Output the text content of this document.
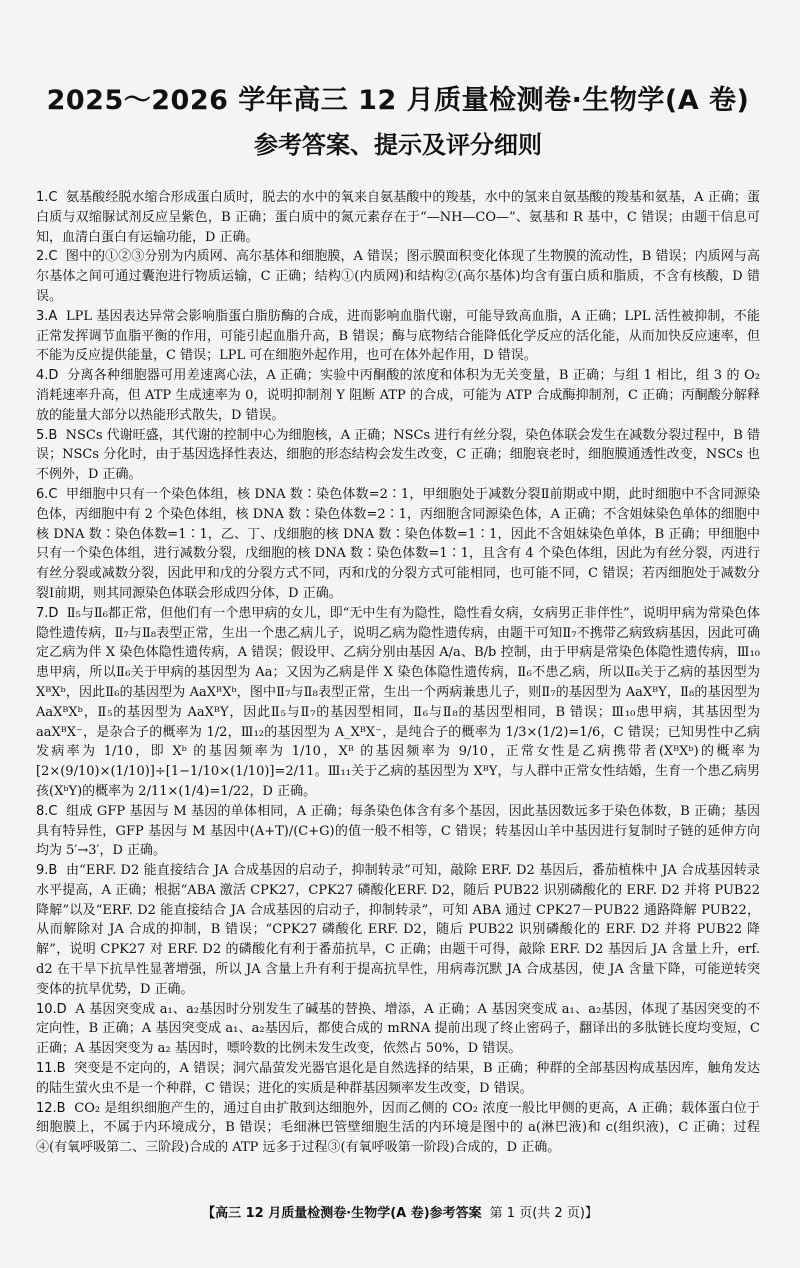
2025～2026 学年高三 12 月质量检测卷·生物学(A 卷)
参考答案、提示及评分细则

1.C 氨基酸经脱水缩合形成蛋白质时，脱去的水中的氧来自氨基酸中的羧基，水中的氢来自氨基酸的羧基和氨基，A 正确；蛋白质与双缩脲试剂反应呈紫色，B 正确；蛋白质中的氮元素存在于“—NH—CO—”、氨基和 R 基中，C 错误；由题干信息可知，血清白蛋白有运输功能，D 正确。

2.C 图中的①②③分别为内质网、高尔基体和细胞膜，A 错误；图示膜面积变化体现了生物膜的流动性，B 错误；内质网与高尔基体之间可通过囊泡进行物质运输，C 正确；结构①(内质网)和结构②(高尔基体)均含有蛋白质和脂质，不含有核酸，D 错误。

3.A LPL 基因表达异常会影响脂蛋白脂肪酶的合成，进而影响血脂代谢，可能导致高血脂，A 正确；LPL 活性被抑制，不能正常发挥调节血脂平衡的作用，可能引起血脂升高，B 错误；酶与底物结合能降低化学反应的活化能，从而加快反应速率，但不能为反应提供能量，C 错误；LPL 可在细胞外起作用，也可在体外起作用，D 错误。

4.D 分离各种细胞器可用差速离心法，A 正确；实验中丙酮酸的浓度和体积为无关变量，B 正确；与组 1 相比，组 3 的 O₂ 消耗速率升高，但 ATP 生成速率为 0，说明抑制剂 Y 阻断 ATP 的合成，可能为 ATP 合成酶抑制剂，C 正确；丙酮酸分解释放的能量大部分以热能形式散失，D 错误。

5.B NSCs 代谢旺盛，其代谢的控制中心为细胞核，A 正确；NSCs 进行有丝分裂，染色体联会发生在减数分裂过程中，B 错误；NSCs 分化时，由于基因选择性表达，细胞的形态结构会发生改变，C 正确；细胞衰老时，细胞膜通透性改变，NSCs 也不例外，D 正确。

6.C 甲细胞中只有一个染色体组，核 DNA 数∶染色体数=2∶1，甲细胞处于减数分裂Ⅱ前期或中期，此时细胞中不含同源染色体，丙细胞中有 2 个染色体组，核 DNA 数∶染色体数=2∶1，丙细胞含同源染色体，A 正确；不含姐妹染色单体的细胞中核 DNA 数∶染色体数=1∶1，乙、丁、戊细胞的核 DNA 数∶染色体数=1∶1，因此不含姐妹染色单体，B 正确；甲细胞中只有一个染色体组，进行减数分裂，戊细胞的核 DNA 数∶染色体数=1∶1，且含有 4 个染色体组，因此为有丝分裂，丙进行有丝分裂或减数分裂，因此甲和戊的分裂方式不同，丙和戊的分裂方式可能相同，也可能不同，C 错误；若丙细胞处于减数分裂Ⅰ前期，则其同源染色体联会形成四分体，D 正确。

7.D Ⅱ₅与Ⅱ₆都正常，但他们有一个患甲病的女儿，即“无中生有为隐性，隐性看女病，女病男正非伴性”，说明甲病为常染色体隐性遗传病，Ⅱ₇与Ⅱ₈表型正常，生出一个患乙病儿子，说明乙病为隐性遗传病，由题干可知Ⅱ₇不携带乙病致病基因，因此可确定乙病为伴 X 染色体隐性遗传病，A 错误；假设甲、乙病分别由基因 A/a、B/b 控制，由于甲病是常染色体隐性遗传病，Ⅲ₁₀患甲病，所以Ⅱ₆关于甲病的基因型为 Aa；又因为乙病是伴 X 染色体隐性遗传病，Ⅱ₆不患乙病，所以Ⅱ₆关于乙病的基因型为 XᴮXᵇ，因此Ⅱ₆的基因型为 AaXᴮXᵇ，图中Ⅱ₇与Ⅱ₈表型正常，生出一个两病兼患儿子，则Ⅱ₇的基因型为 AaXᴮY，Ⅱ₈的基因型为 AaXᴮXᵇ，Ⅱ₅的基因型为 AaXᴮY，因此Ⅱ₅与Ⅱ₇的基因型相同，Ⅱ₆与Ⅱ₈的基因型相同，B 错误；Ⅲ₁₀患甲病，其基因型为 aaXᴮX⁻，是杂合子的概率为 1/2，Ⅲ₁₂的基因型为 A_XᴮX⁻，是纯合子的概率为 1/3×(1/2)=1/6，C 错误；已知男性中乙病发病率为 1/10，即 Xᵇ 的基因频率为 1/10，Xᴮ 的基因频率为 9/10，正常女性是乙病携带者(XᴮXᵇ)的概率为[2×(9/10)×(1/10)]÷[1−1/10×(1/10)]=2/11。Ⅲ₁₁关于乙病的基因型为 XᴮY，与人群中正常女性结婚，生育一个患乙病男孩(XᵇY)的概率为 2/11×(1/4)=1/22，D 正确。

8.C 组成 GFP 基因与 M 基因的单体相同，A 正确；每条染色体含有多个基因，因此基因数远多于染色体数，B 正确；基因具有特异性，GFP 基因与 M 基因中(A+T)/(C+G)的值一般不相等，C 错误；转基因山羊中基因进行复制时子链的延伸方向均为 5′→3′，D 正确。

9.B 由“ERF. D2 能直接结合 JA 合成基因的启动子，抑制转录”可知，敲除 ERF. D2 基因后，番茄植株中 JA 合成基因转录水平提高，A 正确；根据“ABA 激活 CPK27，CPK27 磷酸化ERF. D2，随后 PUB22 识别磷酸化的 ERF. D2 并将 PUB22 降解”以及“ERF. D2 能直接结合 JA 合成基因的启动子，抑制转录”，可知 ABA 通过 CPK27－PUB22 通路降解 PUB22，从而解除对 JA 合成的抑制，B 错误；“CPK27 磷酸化 ERF. D2，随后 PUB22 识别磷酸化的 ERF. D2 并将 PUB22 降解”，说明 CPK27 对 ERF. D2 的磷酸化有利于番茄抗旱，C 正确；由题干可得，敲除 ERF. D2 基因后 JA 含量上升，erf. d2 在干旱下抗旱性显著增强，所以 JA 含量上升有利于提高抗旱性，用病毒沉默 JA 合成基因，使 JA 含量下降，可能逆转突变体的抗旱优势，D 正确。

10.D A 基因突变成 a₁、a₂基因时分别发生了碱基的替换、增添，A 正确；A 基因突变成 a₁、a₂基因，体现了基因突变的不定向性，B 正确；A 基因突变成 a₁、a₂基因后，都使合成的 mRNA 提前出现了终止密码子，翻译出的多肽链长度均变短，C 正确；A 基因突变为 a₂ 基因时，嘌呤数的比例未发生改变，依然占 50%，D 错误。

11.B 突变是不定向的，A 错误；洞穴晶萤发光器官退化是自然选择的结果，B 正确；种群的全部基因构成基因库，触角发达的陆生萤火虫不是一个种群，C 错误；进化的实质是种群基因频率发生改变，D 错误。

12.B CO₂ 是组织细胞产生的，通过自由扩散到达细胞外，因而乙侧的 CO₂ 浓度一般比甲侧的更高，A 正确；载体蛋白位于细胞膜上，不属于内环境成分，B 错误；毛细淋巴管壁细胞生活的内环境是图中的 a(淋巴液)和 c(组织液)，C 正确；过程④(有氧呼吸第二、三阶段)合成的 ATP 远多于过程③(有氧呼吸第一阶段)合成的，D 正确。

【高三 12 月质量检测卷·生物学(A 卷)参考答案 第 1 页(共 2 页)】
